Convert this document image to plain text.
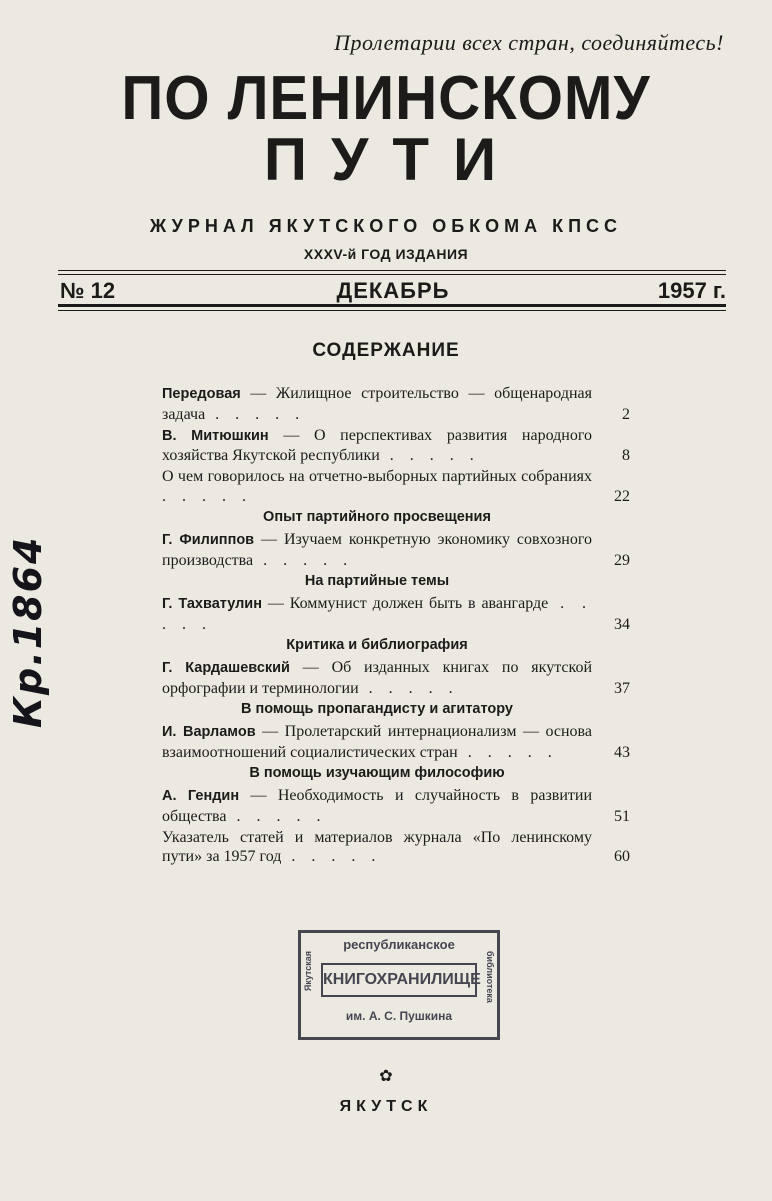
Пролетарии всех стран, соединяйтесь!
ПО ЛЕНИНСКОМУ
ПУТИ
ЖУРНАЛ ЯКУТСКОГО ОБКОМА КПСС
XXXV-й ГОД ИЗДАНИЯ
№ 12	ДЕКАБРЬ	1957 г.
СОДЕРЖАНИЕ
Передовая — Жилищное строительство — общенародная задача . . . . .	2
В. Митюшкин — О перспективах развития народного хозяйства Якутской республики . . . . .	8
О чем говорилось на отчетно-выборных партийных собраниях . . . . .	22
Опыт партийного просвещения
Г. Филиппов — Изучаем конкретную экономику совхозного производства . . . . .	29
На партийные темы
Г. Тахватулин — Коммунист должен быть в авангарде . . . . .	34
Критика и библиография
Г. Кардашевский — Об изданных книгах по якутской орфографии и терминологии . . . . .	37
В помощь пропагандисту и агитатору
И. Варламов — Пролетарский интернационализм — основа взаимоотношений социалистических стран . . . . .	43
В помощь изучающим философию
А. Гендин — Необходимость и случайность в развитии общества . . . . .	51
Указатель статей и материалов журнала «По ленинскому пути» за 1957 год . . . . .	60
республиканское
КНИГОХРАНИЛИЩЕ
им. А. С. Пушкина
Якутская	библиотека
✿
ЯКУТСК
Кр.1864
